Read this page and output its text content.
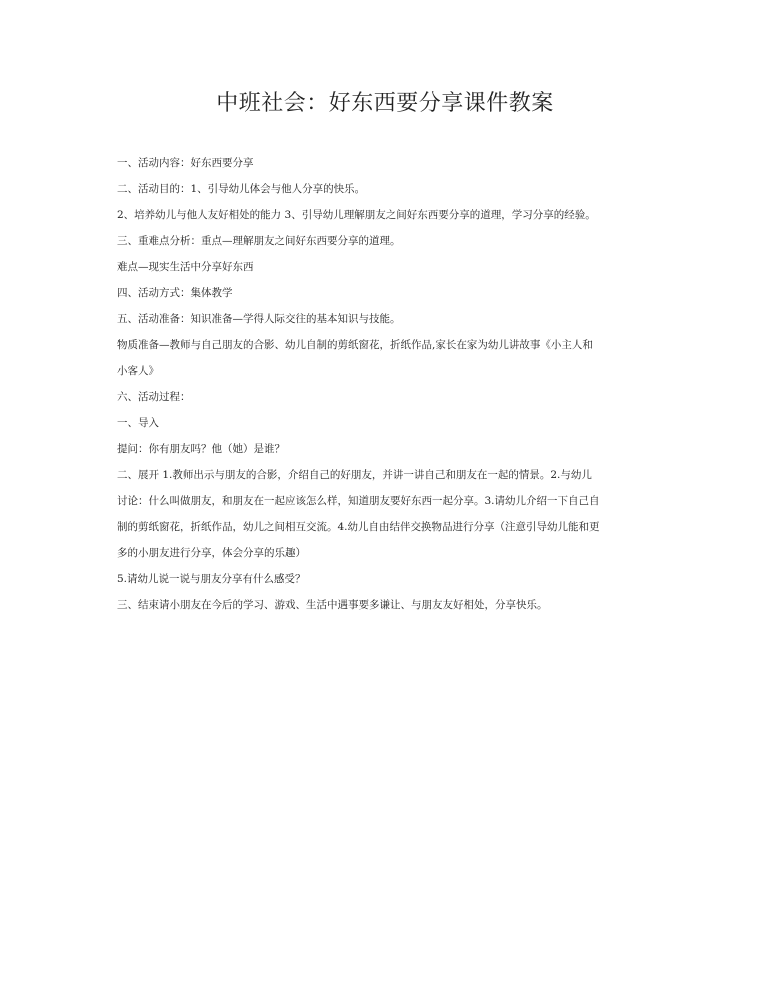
中班社会：好东西要分享课件教案
一、活动内容：好东西要分享
二、活动目的：1、引导幼儿体会与他人分享的快乐。
2、培养幼儿与他人友好相处的能力 3、引导幼儿理解朋友之间好东西要分享的道理，学习分享的经验。
三、重难点分析：重点—理解朋友之间好东西要分享的道理。
难点—现实生活中分享好东西
四、活动方式：集体教学
五、活动准备：知识准备—学得人际交往的基本知识与技能。
物质准备—教师与自己朋友的合影、幼儿自制的剪纸窗花，折纸作品,家长在家为幼儿讲故事《小主人和
小客人》
六、活动过程：
一、导入
提问：你有朋友吗？他（她）是谁？
二、展开 1.教师出示与朋友的合影，介绍自己的好朋友，并讲一讲自己和朋友在一起的情景。2.与幼儿
讨论：什么叫做朋友，和朋友在一起应该怎么样，知道朋友要好东西一起分享。3.请幼儿介绍一下自己自
制的剪纸窗花，折纸作品，幼儿之间相互交流。4.幼儿自由结伴交换物品进行分享（注意引导幼儿能和更
多的小朋友进行分享，体会分享的乐趣）
5.请幼儿说一说与朋友分享有什么感受？
三、结束请小朋友在今后的学习、游戏、生活中遇事要多谦让、与朋友友好相处，分享快乐。
